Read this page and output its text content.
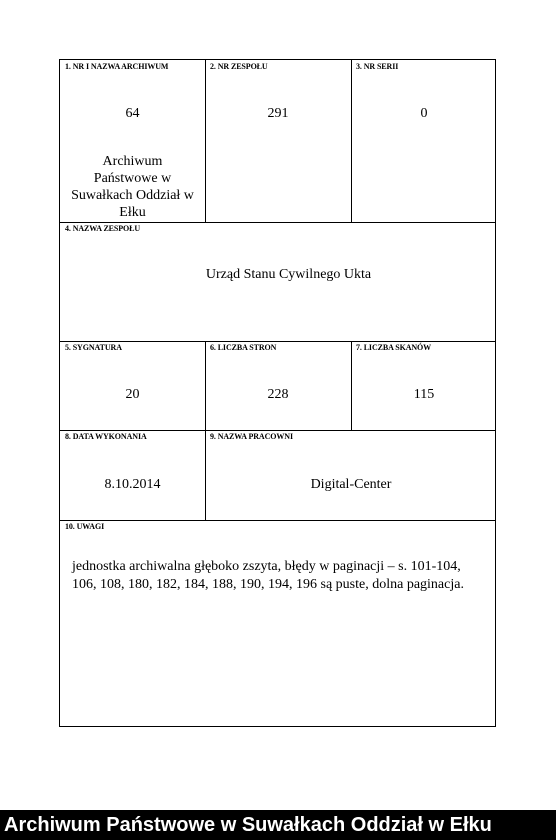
1. NR I NAZWA ARCHIWUM
64
Archiwum Państwowe w Suwałkach Oddział w Ełku
2. NR ZESPOŁU
291
3. NR SERII
0
4. NAZWA ZESPOŁU
Urząd Stanu Cywilnego Ukta
5. SYGNATURA
20
6. LICZBA STRON
228
7. LICZBA SKANÓW
115
8. DATA WYKONANIA
8.10.2014
9. NAZWA PRACOWNI
Digital-Center
10. UWAGI
jednostka archiwalna głęboko zszyta, błędy w paginacji – s. 101-104, 106, 108, 180, 182, 184, 188, 190, 194, 196 są puste, dolna paginacja.
Archiwum Państwowe w Suwałkach Oddział w Ełku
